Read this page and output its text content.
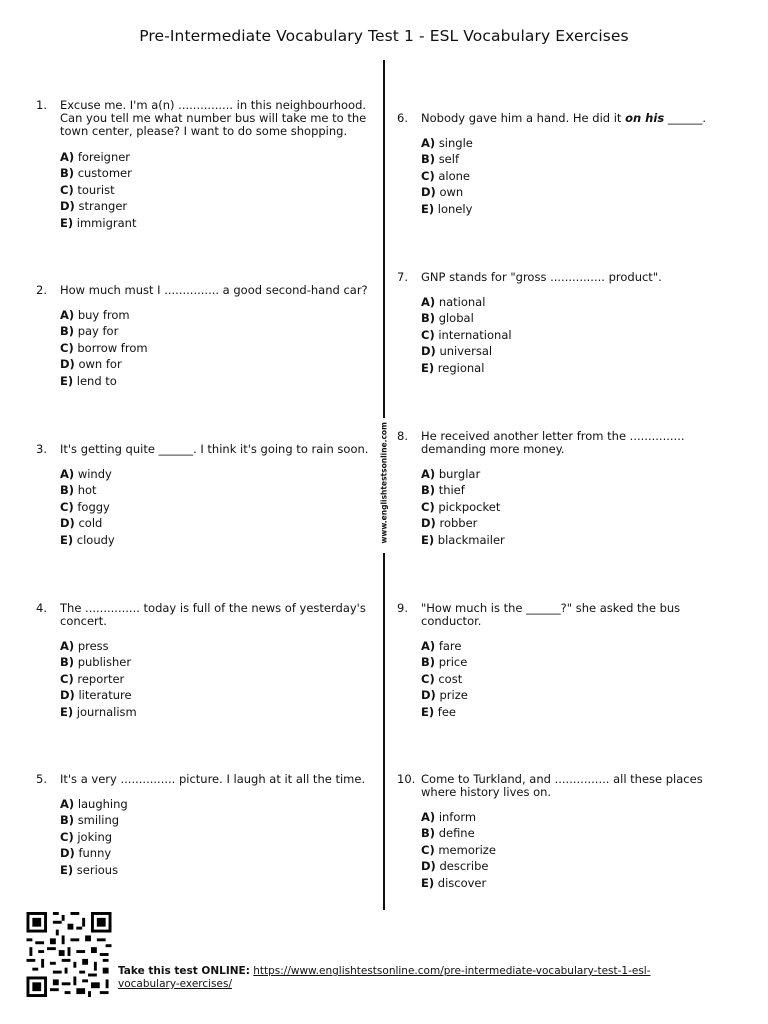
Pre-Intermediate Vocabulary Test 1 - ESL Vocabulary Exercises
www.englishtestsonline.com
1. Excuse me. I'm a(n) ............... in this neighbourhood. Can you tell me what number bus will take me to the town center, please? I want to do some shopping.
A) foreigner
B) customer
C) tourist
D) stranger
E) immigrant
2. How much must I ............... a good second-hand car?
A) buy from
B) pay for
C) borrow from
D) own for
E) lend to
3. It's getting quite ______. I think it's going to rain soon.
A) windy
B) hot
C) foggy
D) cold
E) cloudy
4. The ............... today is full of the news of yesterday's concert.
A) press
B) publisher
C) reporter
D) literature
E) journalism
5. It's a very ............... picture. I laugh at it all the time.
A) laughing
B) smiling
C) joking
D) funny
E) serious
6. Nobody gave him a hand. He did it on his ______.
A) single
B) self
C) alone
D) own
E) lonely
7. GNP stands for "gross ............... product".
A) national
B) global
C) international
D) universal
E) regional
8. He received another letter from the ............... demanding more money.
A) burglar
B) thief
C) pickpocket
D) robber
E) blackmailer
9. "How much is the ______?" she asked the bus conductor.
A) fare
B) price
C) cost
D) prize
E) fee
10. Come to Turkland, and ............... all these places where history lives on.
A) inform
B) define
C) memorize
D) describe
E) discover
Take this test ONLINE: https://www.englishtestsonline.com/pre-intermediate-vocabulary-test-1-esl-vocabulary-exercises/
